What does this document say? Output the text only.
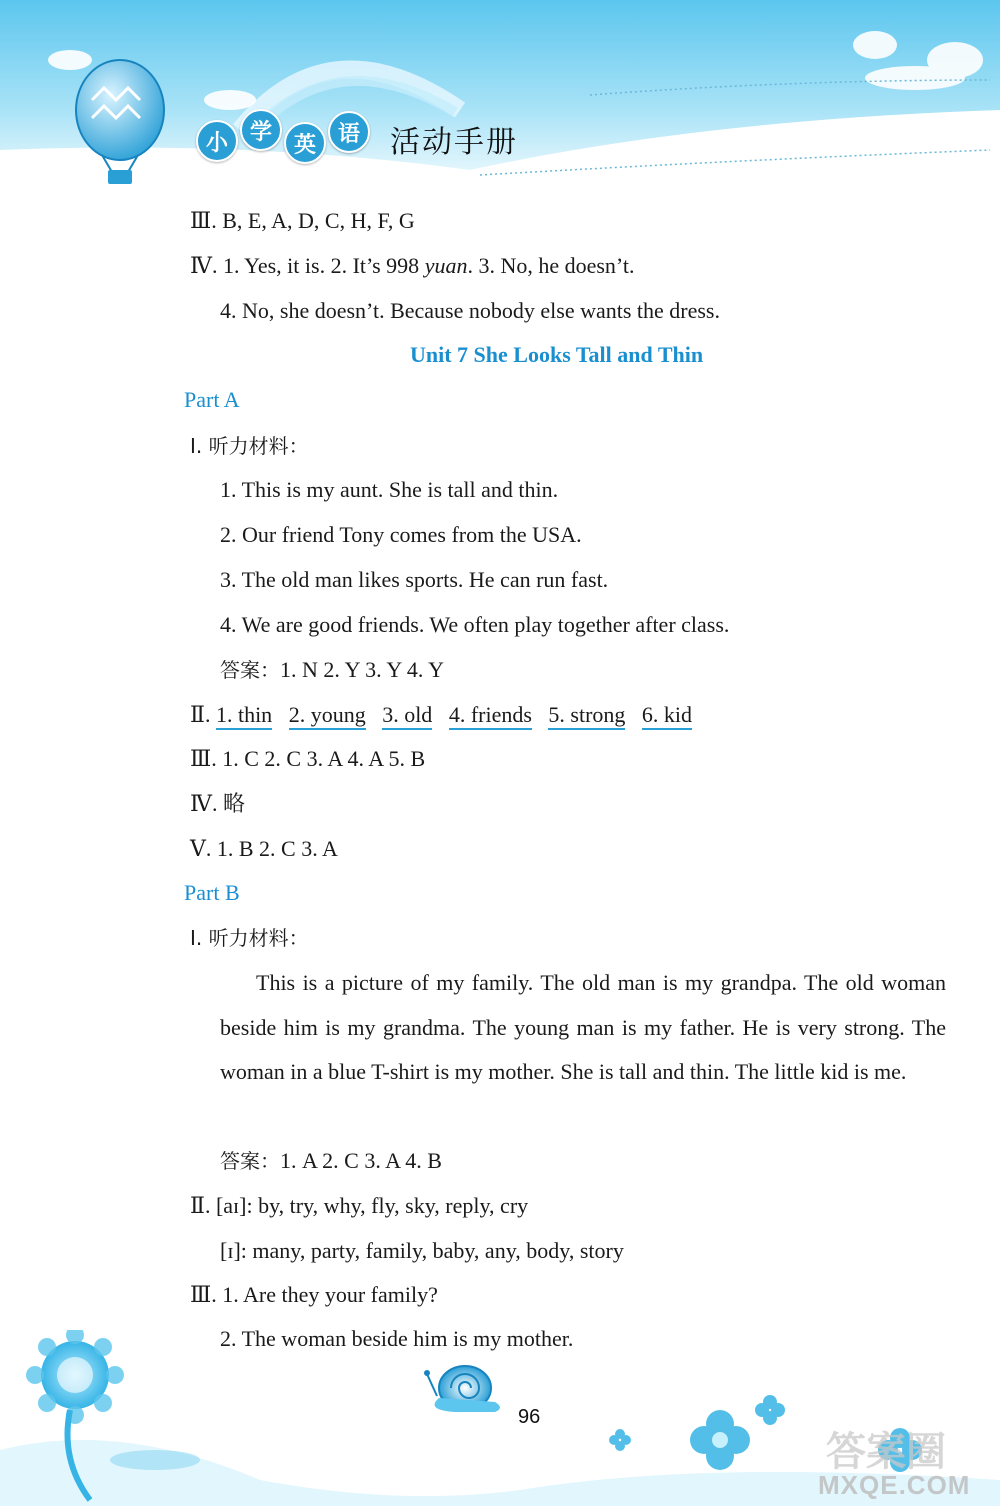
小 学
英 语	活动手册
Ⅲ. B, E, A, D, C, H, F, G
Ⅳ. 1. Yes, it is. 2. It’s 998 yuan. 3. No, he doesn’t.
4. No, she doesn’t. Because nobody else wants the dress.
Unit 7 She Looks Tall and Thin
Part A
Ⅰ. 听力材料：
1. This is my aunt. She is tall and thin.
2. Our friend Tony comes from the USA.
3. The old man likes sports. He can run fast.
4. We are good friends. We often play together after class.
答案：1. N 2. Y 3. Y 4. Y
Ⅱ. 1. thin 2. young 3. old 4. friends 5. strong 6. kid
Ⅲ. 1. C 2. C 3. A 4. A 5. B
Ⅳ. 略
Ⅴ. 1. B 2. C 3. A
Part B
Ⅰ. 听力材料：
This is a picture of my family. The old man is my grandpa. The old woman beside him is my grandma. The young man is my father. He is very strong. The woman in a blue T-shirt is my mother. She is tall and thin. The little kid is me.
答案：1. A 2. C 3. A 4. B
Ⅱ. [aɪ]: by, try, why, fly, sky, reply, cry
[ɪ]: many, party, family, baby, any, body, story
Ⅲ. 1. Are they your family?
2. The woman beside him is my mother.
96
答案圈
MXQE.COM
